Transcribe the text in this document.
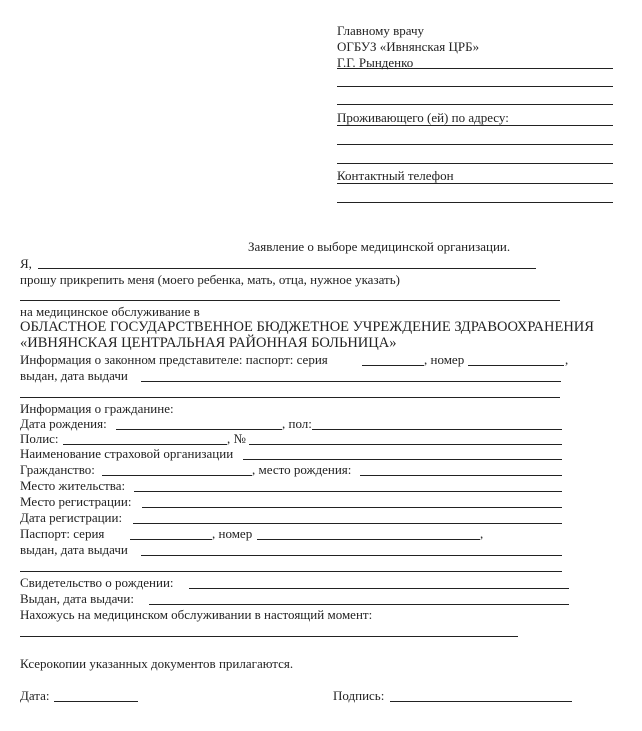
Главному врачу
ОГБУЗ «Ивнянская ЦРБ»
Г.Г. Рынденко
Проживающего (ей) по адресу:
Контактный телефон
Заявление о выборе медицинской организации.
Я,
прошу прикрепить меня (моего ребенка, мать, отца, нужное указать)
на медицинское обслуживание в
ОБЛАСТНОЕ ГОСУДАРСТВЕННОЕ БЮДЖЕТНОЕ УЧРЕЖДЕНИЕ ЗДРАВООХРАНЕНИЯ
«ИВНЯНСКАЯ ЦЕНТРАЛЬНАЯ РАЙОННАЯ БОЛЬНИЦА»
Информация о законном представителе: паспорт: серия	, номер	,
выдан, дата выдачи
Информация о гражданине:
Дата рождения:	, пол:
Полис:	, №
Наименование страховой организации
Гражданство:	, место рождения:
Место жительства:
Место регистрации:
Дата регистрации:
Паспорт: серия	, номер	,
выдан, дата выдачи
Свидетельство о рождении:
Выдан, дата выдачи:
Нахожусь на медицинском обслуживании в настоящий момент:
Ксерокопии указанных документов прилагаются.
Дата:	Подпись:
